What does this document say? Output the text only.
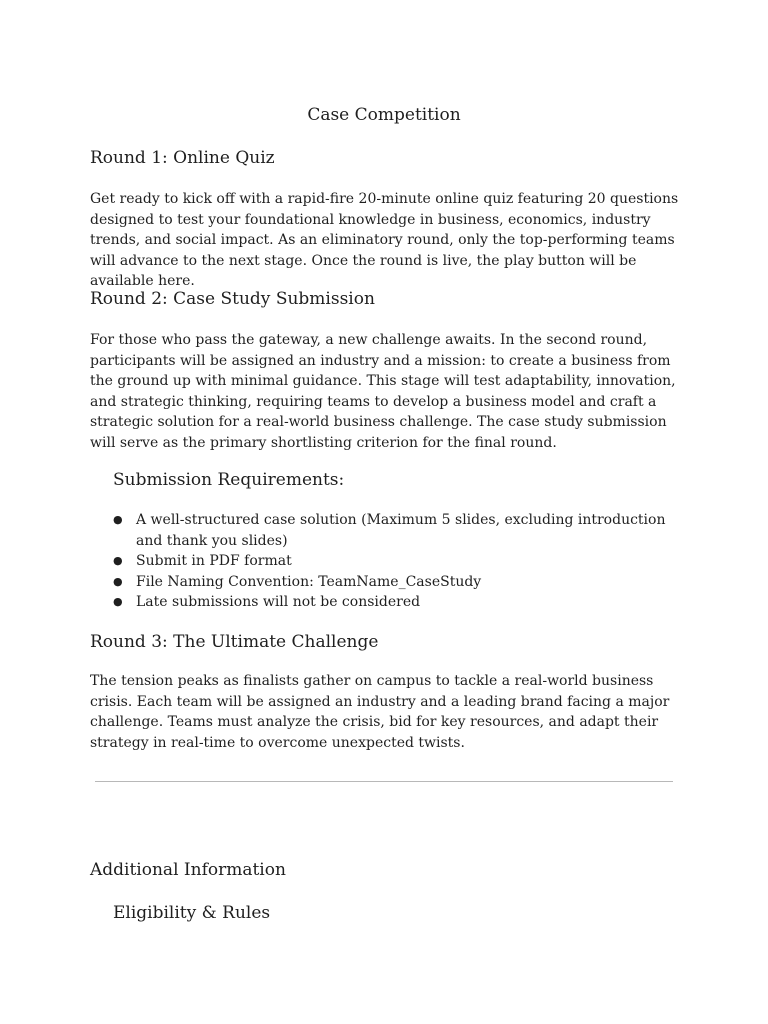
Case Competition
Round 1: Online Quiz

Get ready to kick off with a rapid-fire 20-minute online quiz featuring 20 questions designed to test your foundational knowledge in business, economics, industry trends, and social impact. As an eliminatory round, only the top-performing teams will advance to the next stage. Once the round is live, the play button will be available here.

Round 2: Case Study Submission

For those who pass the gateway, a new challenge awaits. In the second round, participants will be assigned an industry and a mission: to create a business from the ground up with minimal guidance. This stage will test adaptability, innovation, and strategic thinking, requiring teams to develop a business model and craft a strategic solution for a real-world business challenge. The case study submission will serve as the primary shortlisting criterion for the final round.

Submission Requirements:
● A well-structured case solution (Maximum 5 slides, excluding introduction and thank you slides)
● Submit in PDF format
● File Naming Convention: TeamName_CaseStudy
● Late submissions will not be considered
Round 3: The Ultimate Challenge

The tension peaks as finalists gather on campus to tackle a real-world business crisis. Each team will be assigned an industry and a leading brand facing a major challenge. Teams must analyze the crisis, bid for key resources, and adapt their strategy in real-time to overcome unexpected twists.

Additional Information
Eligibility & Rules
